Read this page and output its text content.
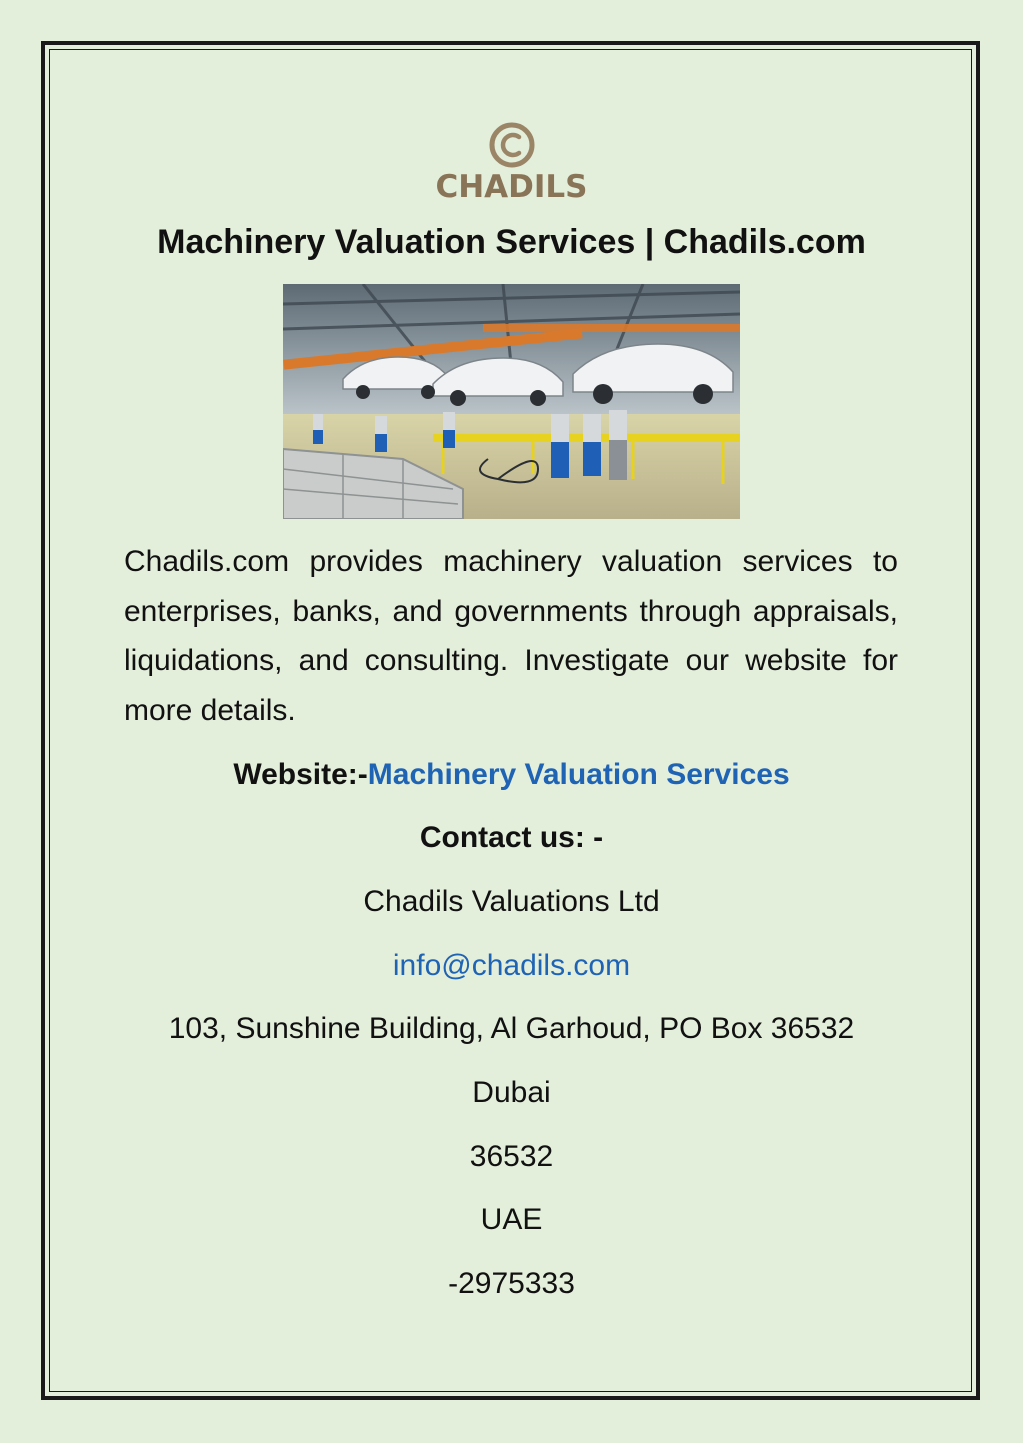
CHADILS
Machinery Valuation Services | Chadils.com

Chadils.com provides machinery valuation services to enterprises, banks, and governments through appraisals, liquidations, and consulting. Investigate our website for more details.

Website:-Machinery Valuation Services

Contact us: -

Chadils Valuations Ltd

info@chadils.com

103, Sunshine Building, Al Garhoud, PO Box 36532

Dubai

36532

UAE

-2975333
